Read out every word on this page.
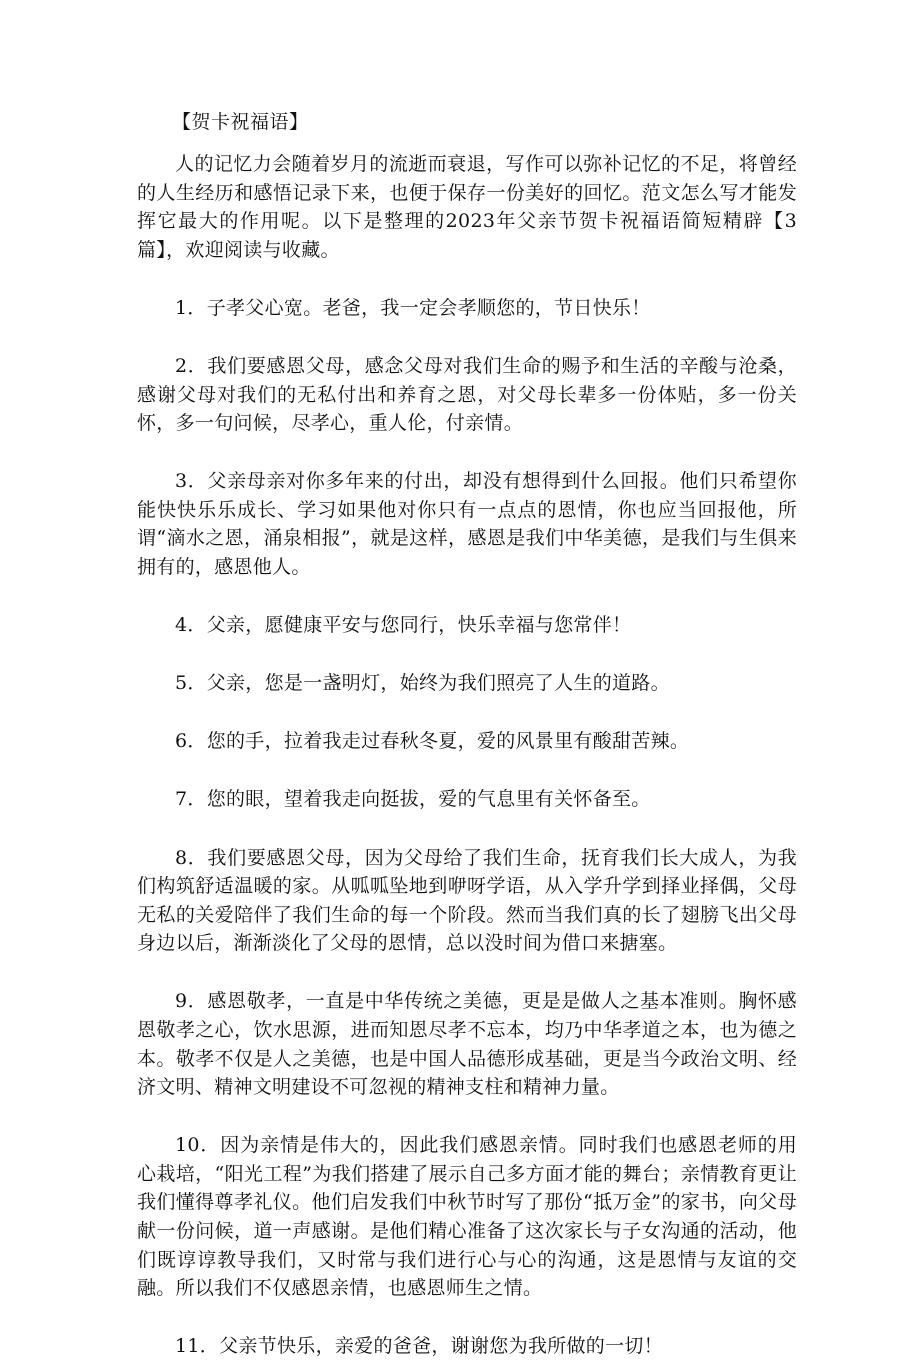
【贺卡祝福语】

人的记忆力会随着岁月的流逝而衰退，写作可以弥补记忆的不足，将曾经的人生经历和感悟记录下来，也便于保存一份美好的回忆。范文怎么写才能发挥它最大的作用呢。以下是整理的2023年父亲节贺卡祝福语简短精辟【3篇】，欢迎阅读与收藏。

1．子孝父心宽。老爸，我一定会孝顺您的，节日快乐！

2．我们要感恩父母，感念父母对我们生命的赐予和生活的辛酸与沧桑，感谢父母对我们的无私付出和养育之恩，对父母长辈多一份体贴，多一份关怀，多一句问候，尽孝心，重人伦，付亲情。

3．父亲母亲对你多年来的付出，却没有想得到什么回报。他们只希望你能快快乐乐成长、学习如果他对你只有一点点的恩情，你也应当回报他，所谓“滴水之恩，涌泉相报”，就是这样，感恩是我们中华美德，是我们与生俱来拥有的，感恩他人。

4．父亲，愿健康平安与您同行，快乐幸福与您常伴！

5．父亲，您是一盏明灯，始终为我们照亮了人生的道路。

6．您的手，拉着我走过春秋冬夏，爱的风景里有酸甜苦辣。

7．您的眼，望着我走向挺拔，爱的气息里有关怀备至。

8．我们要感恩父母，因为父母给了我们生命，抚育我们长大成人，为我们构筑舒适温暖的家。从呱呱坠地到咿呀学语，从入学升学到择业择偶，父母无私的关爱陪伴了我们生命的每一个阶段。然而当我们真的长了翅膀飞出父母身边以后，渐渐淡化了父母的恩情，总以没时间为借口来搪塞。

9．感恩敬孝，一直是中华传统之美德，更是是做人之基本准则。胸怀感恩敬孝之心，饮水思源，进而知恩尽孝不忘本，均乃中华孝道之本，也为德之本。敬孝不仅是人之美德，也是中国人品德形成基础，更是当今政治文明、经济文明、精神文明建设不可忽视的精神支柱和精神力量。

10．因为亲情是伟大的，因此我们感恩亲情。同时我们也感恩老师的用心栽培，“阳光工程”为我们搭建了展示自己多方面才能的舞台；亲情教育更让我们懂得尊孝礼仪。他们启发我们中秋节时写了那份“抵万金”的家书，向父母献一份问候，道一声感谢。是他们精心准备了这次家长与子女沟通的活动，他们既谆谆教导我们，又时常与我们进行心与心的沟通，这是恩情与友谊的交融。所以我们不仅感恩亲情，也感恩师生之情。

11．父亲节快乐，亲爱的爸爸，谢谢您为我所做的一切！
